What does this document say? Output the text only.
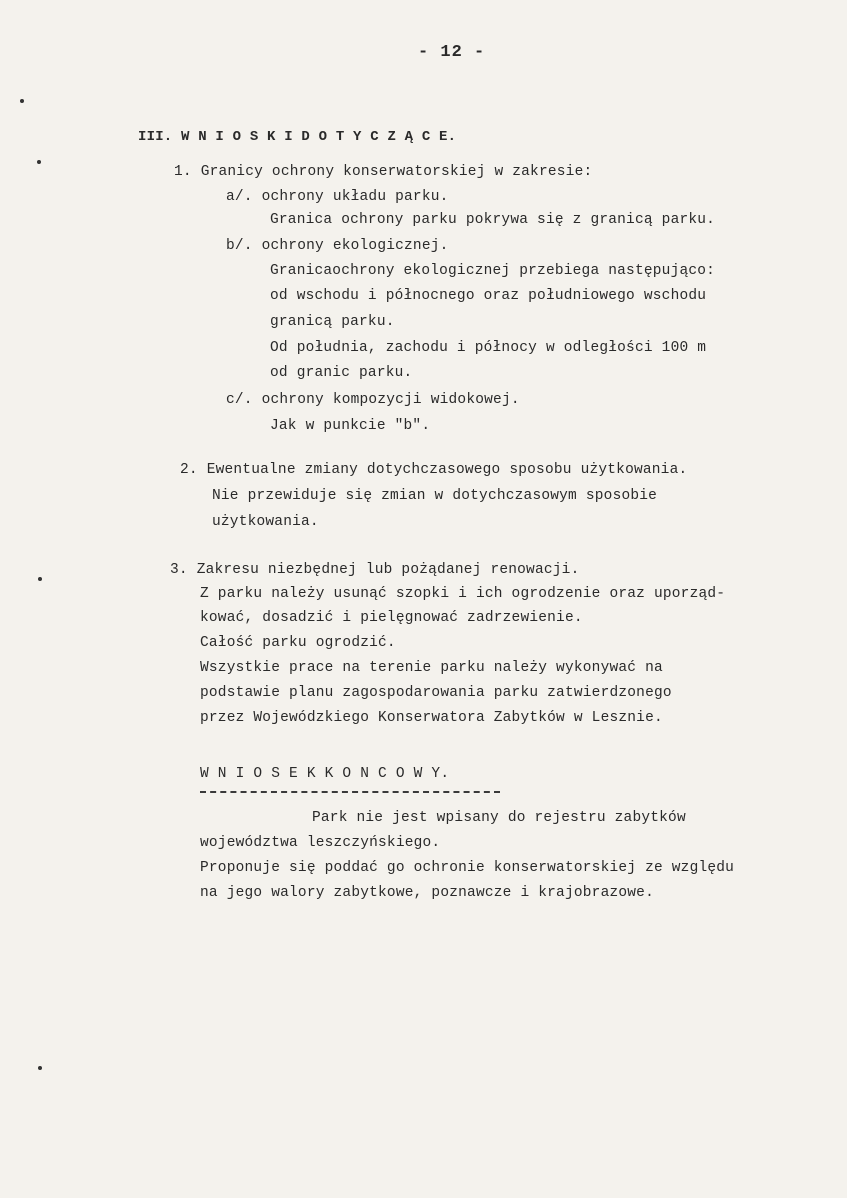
- 12 -
III. W N I O S K I D O T Y C Z Ą C E.
1. Granicy ochrony konserwatorskiej w zakresie:
a/. ochrony układu parku.
Granica ochrony parku pokrywa się z granicą parku.
b/. ochrony ekologicznej.
Granicaochrony ekologicznej przebiega następująco:
od wschodu i północnego oraz południowego wschodu
granicą parku.
Od południa, zachodu i północy w odległości 100 m
od granic parku.
c/. ochrony kompozycji widokowej.
Jak w punkcie "b".
2. Ewentualne zmiany dotychczasowego sposobu użytkowania.
Nie przewiduje się zmian w dotychczasowym sposobie
użytkowania.
3. Zakresu niezbędnej lub pożądanej renowacji.
Z parku należy usunąć szopki i ich ogrodzenie oraz uporząd-
kować, dosadzić i pielęgnować zadrzewienie.
Całość parku ogrodzić.
Wszystkie prace na terenie parku należy wykonywać na
podstawie planu zagospodarowania parku zatwierdzonego
przez Wojewódzkiego Konserwatora Zabytków w Lesznie.
W N I O S E K K O N C O W Y.
Park nie jest wpisany do rejestru zabytków
województwa leszczyńskiego.
Proponuje się poddać go ochronie konserwatorskiej ze względu
na jego walory zabytkowe, poznawcze i krajobrazowe.
